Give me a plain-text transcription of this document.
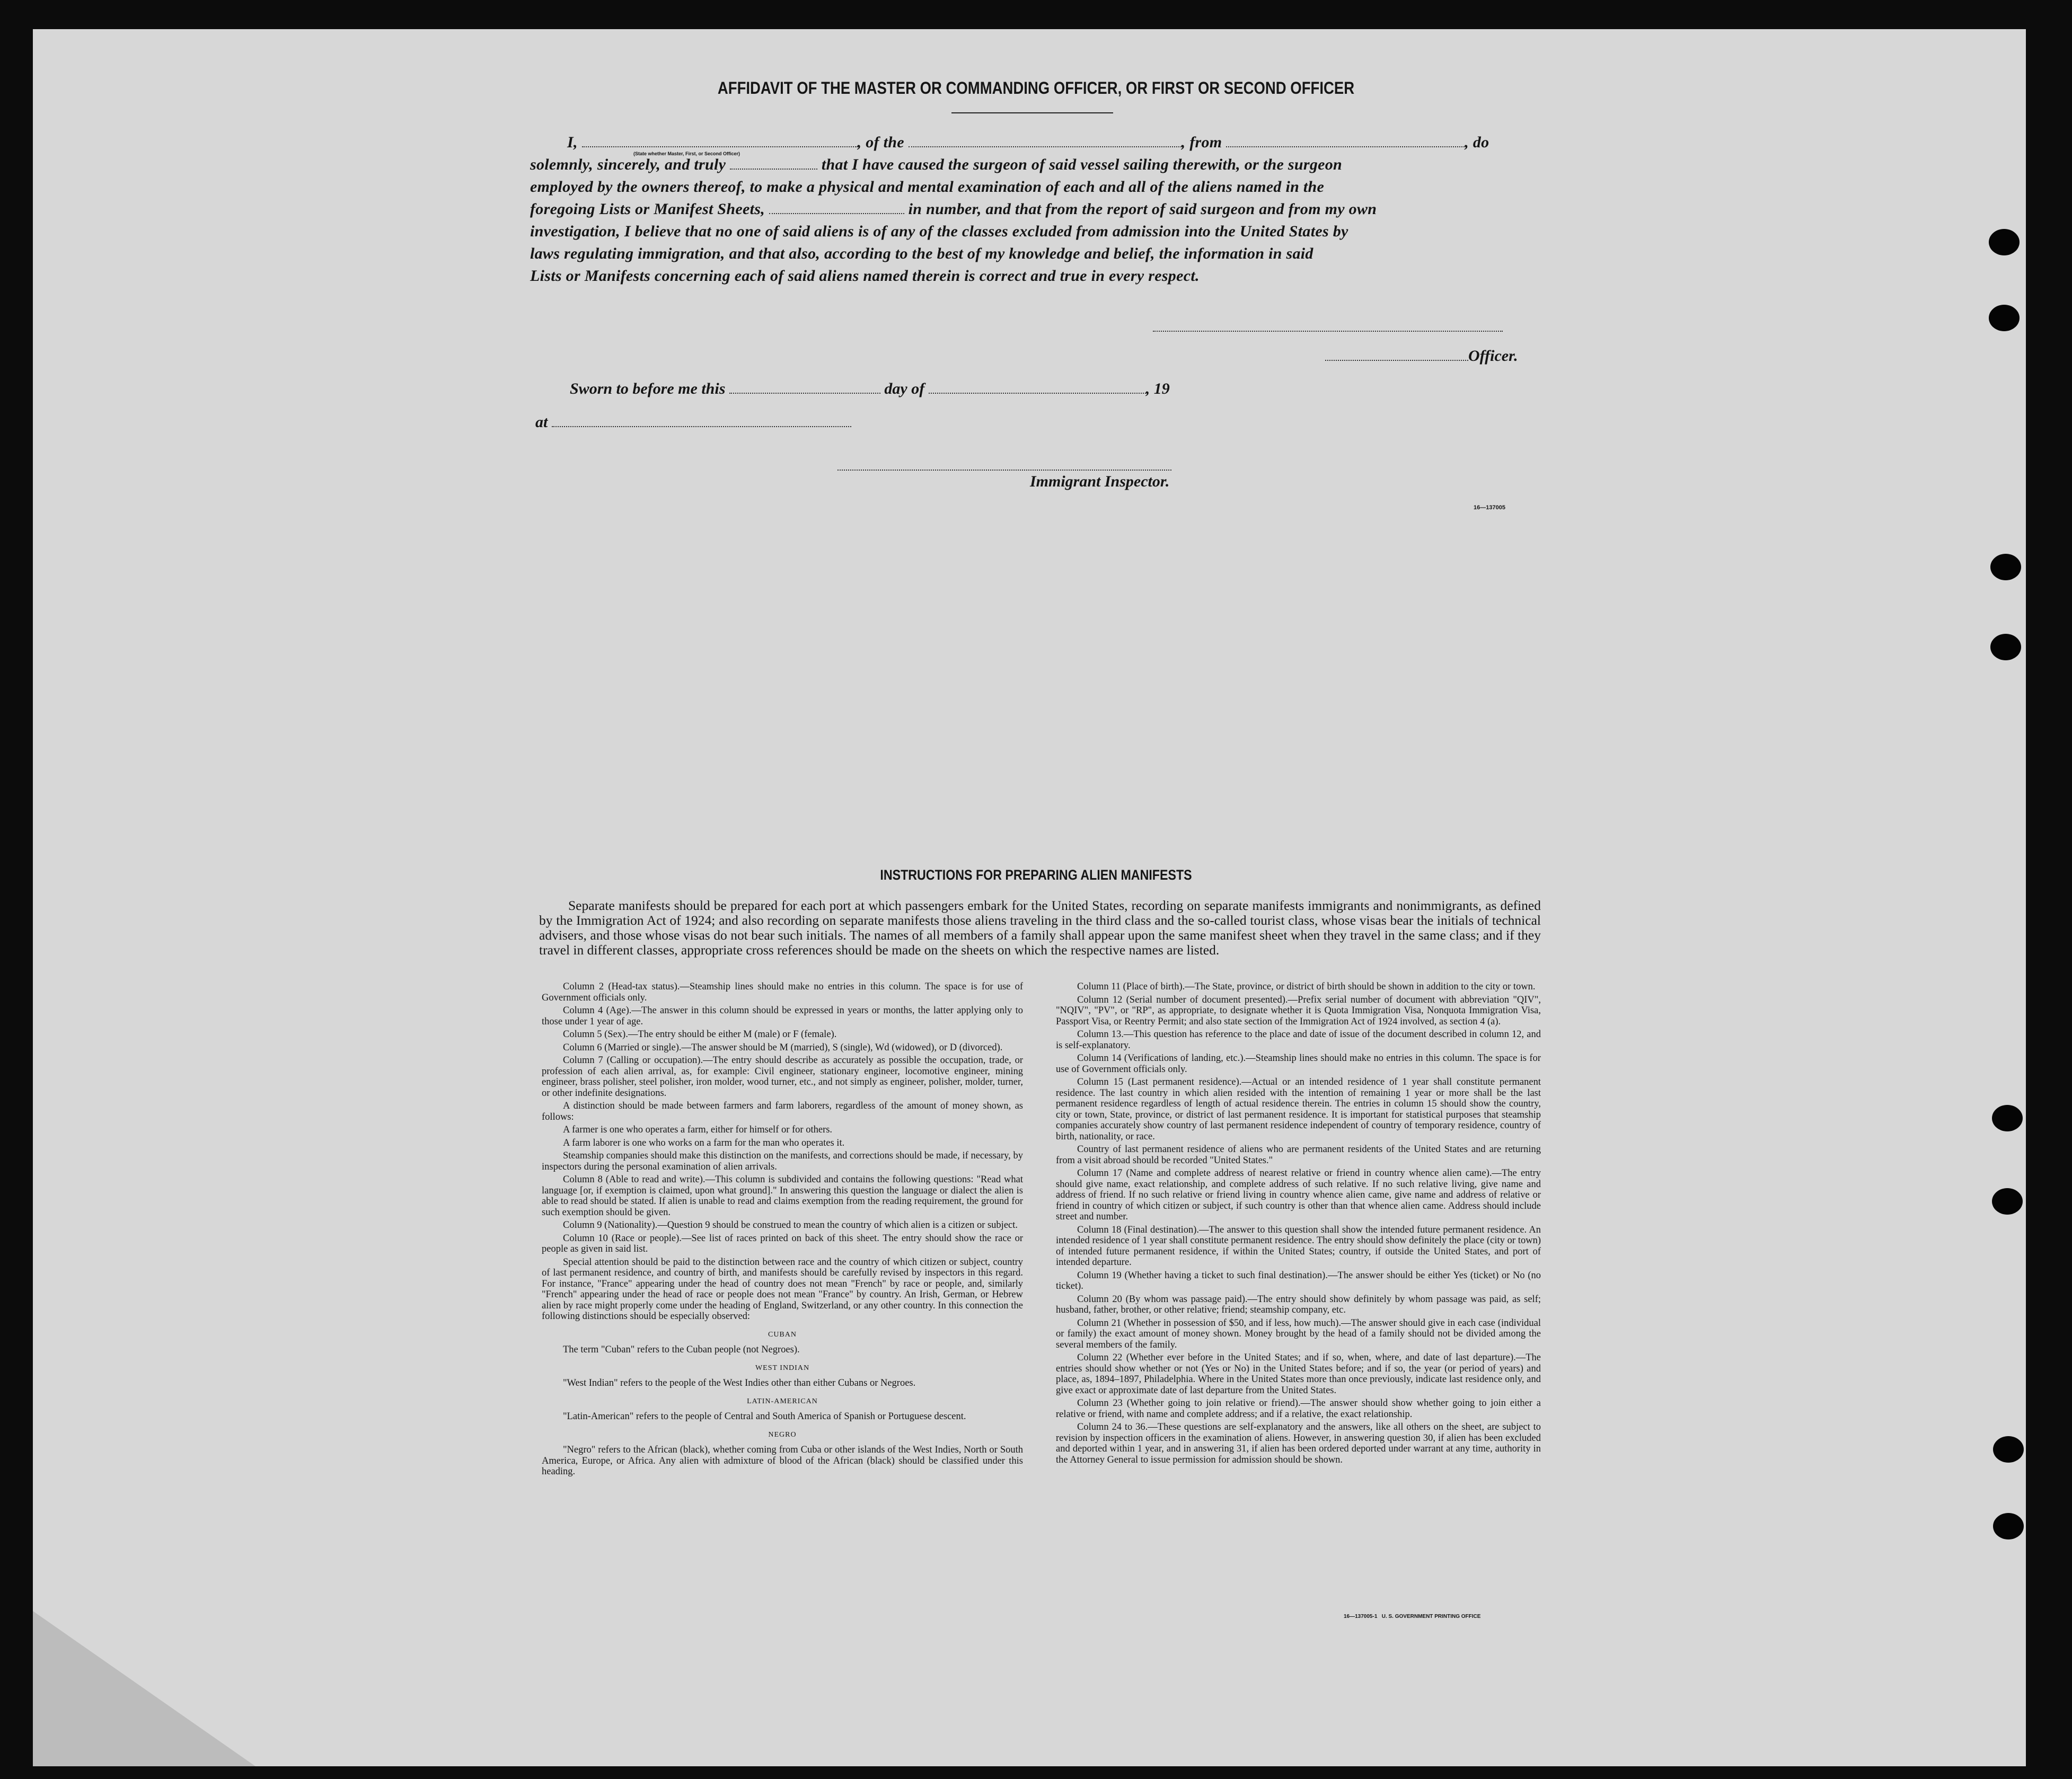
AFFIDAVIT OF THE MASTER OR COMMANDING OFFICER, OR FIRST OR SECOND OFFICER
I,	, of the	, from	, do
solemnly, sincerely, and truly	that I have caused the surgeon of said vessel sailing therewith, or the surgeon
employed by the owners thereof, to make a physical and mental examination of each and all of the aliens named in the
foregoing Lists or Manifest Sheets,	in number, and that from the report of said surgeon and from my own
investigation, I believe that no one of said aliens is of any of the classes excluded from admission into the United States by
laws regulating immigration, and that also, according to the best of my knowledge and belief, the information in said
Lists or Manifests concerning each of said aliens named therein is correct and true in every respect.
(State whether Master, First, or Second Officer)
Officer.
Sworn to before me this	day of	, 19
at
Immigrant Inspector.
16—137005
INSTRUCTIONS FOR PREPARING ALIEN MANIFESTS
Separate manifests should be prepared for each port at which passengers embark for the United States, recording on separate manifests immigrants and nonimmigrants, as defined by the Immigration Act of 1924; and also recording on separate manifests those aliens traveling in the third class and the so-called tourist class, whose visas bear the initials of technical advisers, and those whose visas do not bear such initials. The names of all members of a family shall appear upon the same manifest sheet when they travel in the same class; and if they travel in different classes, appropriate cross references should be made on the sheets on which the respective names are listed.

Column 2 (Head-tax status).—Steamship lines should make no entries in this column. The space is for use of Government officials only.

Column 4 (Age).—The answer in this column should be expressed in years or months, the latter applying only to those under 1 year of age.

Column 5 (Sex).—The entry should be either M (male) or F (female).

Column 6 (Married or single).—The answer should be M (married), S (single), Wd (widowed), or D (divorced).

Column 7 (Calling or occupation).—The entry should describe as accurately as possible the occupation, trade, or profession of each alien arrival, as, for example: Civil engineer, stationary engineer, locomotive engineer, mining engineer, brass polisher, steel polisher, iron molder, wood turner, etc., and not simply as engineer, polisher, molder, turner, or other indefinite designations.

A distinction should be made between farmers and farm laborers, regardless of the amount of money shown, as follows:

A farmer is one who operates a farm, either for himself or for others.

A farm laborer is one who works on a farm for the man who operates it.

Steamship companies should make this distinction on the manifests, and corrections should be made, if necessary, by inspectors during the personal examination of alien arrivals.

Column 8 (Able to read and write).—This column is subdivided and contains the following questions: "Read what language [or, if exemption is claimed, upon what ground]." In answering this question the language or dialect the alien is able to read should be stated. If alien is unable to read and claims exemption from the reading requirement, the ground for such exemption should be given.

Column 9 (Nationality).—Question 9 should be construed to mean the country of which alien is a citizen or subject.

Column 10 (Race or people).—See list of races printed on back of this sheet. The entry should show the race or people as given in said list.

Special attention should be paid to the distinction between race and the country of which citizen or subject, country of last permanent residence, and country of birth, and manifests should be carefully revised by inspectors in this regard. For instance, "France" appearing under the head of country does not mean "French" by race or people, and, similarly "French" appearing under the head of race or people does not mean "France" by country. An Irish, German, or Hebrew alien by race might properly come under the heading of England, Switzerland, or any other country. In this connection the following distinctions should be especially observed:

CUBAN

The term "Cuban" refers to the Cuban people (not Negroes).

WEST INDIAN

"West Indian" refers to the people of the West Indies other than either Cubans or Negroes.

LATIN-AMERICAN

"Latin-American" refers to the people of Central and South America of Spanish or Portuguese descent.

NEGRO

"Negro" refers to the African (black), whether coming from Cuba or other islands of the West Indies, North or South America, Europe, or Africa. Any alien with admixture of blood of the African (black) should be classified under this heading.

Column 11 (Place of birth).—The State, province, or district of birth should be shown in addition to the city or town.

Column 12 (Serial number of document presented).—Prefix serial number of document with abbreviation "QIV", "NQIV", "PV", or "RP", as appropriate, to designate whether it is Quota Immigration Visa, Nonquota Immigration Visa, Passport Visa, or Reentry Permit; and also state section of the Immigration Act of 1924 involved, as section 4 (a).

Column 13.—This question has reference to the place and date of issue of the document described in column 12, and is self-explanatory.

Column 14 (Verifications of landing, etc.).—Steamship lines should make no entries in this column. The space is for use of Government officials only.

Column 15 (Last permanent residence).—Actual or an intended residence of 1 year shall constitute permanent residence. The last country in which alien resided with the intention of remaining 1 year or more shall be the last permanent residence regardless of length of actual residence therein. The entries in column 15 should show the country, city or town, State, province, or district of last permanent residence. It is important for statistical purposes that steamship companies accurately show country of last permanent residence independent of country of temporary residence, country of birth, nationality, or race.

Country of last permanent residence of aliens who are permanent residents of the United States and are returning from a visit abroad should be recorded "United States."

Column 17 (Name and complete address of nearest relative or friend in country whence alien came).—The entry should give name, exact relationship, and complete address of such relative. If no such relative living, give name and address of friend. If no such relative or friend living in country whence alien came, give name and address of relative or friend in country of which citizen or subject, if such country is other than that whence alien came. Address should include street and number.

Column 18 (Final destination).—The answer to this question shall show the intended future permanent residence. An intended residence of 1 year shall constitute permanent residence. The entry should show definitely the place (city or town) of intended future permanent residence, if within the United States; country, if outside the United States, and port of intended departure.

Column 19 (Whether having a ticket to such final destination).—The answer should be either Yes (ticket) or No (no ticket).

Column 20 (By whom was passage paid).—The entry should show definitely by whom passage was paid, as self; husband, father, brother, or other relative; friend; steamship company, etc.

Column 21 (Whether in possession of $50, and if less, how much).—The answer should give in each case (individual or family) the exact amount of money shown. Money brought by the head of a family should not be divided among the several members of the family.

Column 22 (Whether ever before in the United States; and if so, when, where, and date of last departure).—The entries should show whether or not (Yes or No) in the United States before; and if so, the year (or period of years) and place, as, 1894–1897, Philadelphia. Where in the United States more than once previously, indicate last residence only, and give exact or approximate date of last departure from the United States.

Column 23 (Whether going to join relative or friend).—The answer should show whether going to join either a relative or friend, with name and complete address; and if a relative, the exact relationship.

Column 24 to 36.—These questions are self-explanatory and the answers, like all others on the sheet, are subject to revision by inspection officers in the examination of aliens. However, in answering question 30, if alien has been excluded and deported within 1 year, and in answering 31, if alien has been ordered deported under warrant at any time, authority in the Attorney General to issue permission for admission should be shown.

16—137005-1 U. S. GOVERNMENT PRINTING OFFICE
